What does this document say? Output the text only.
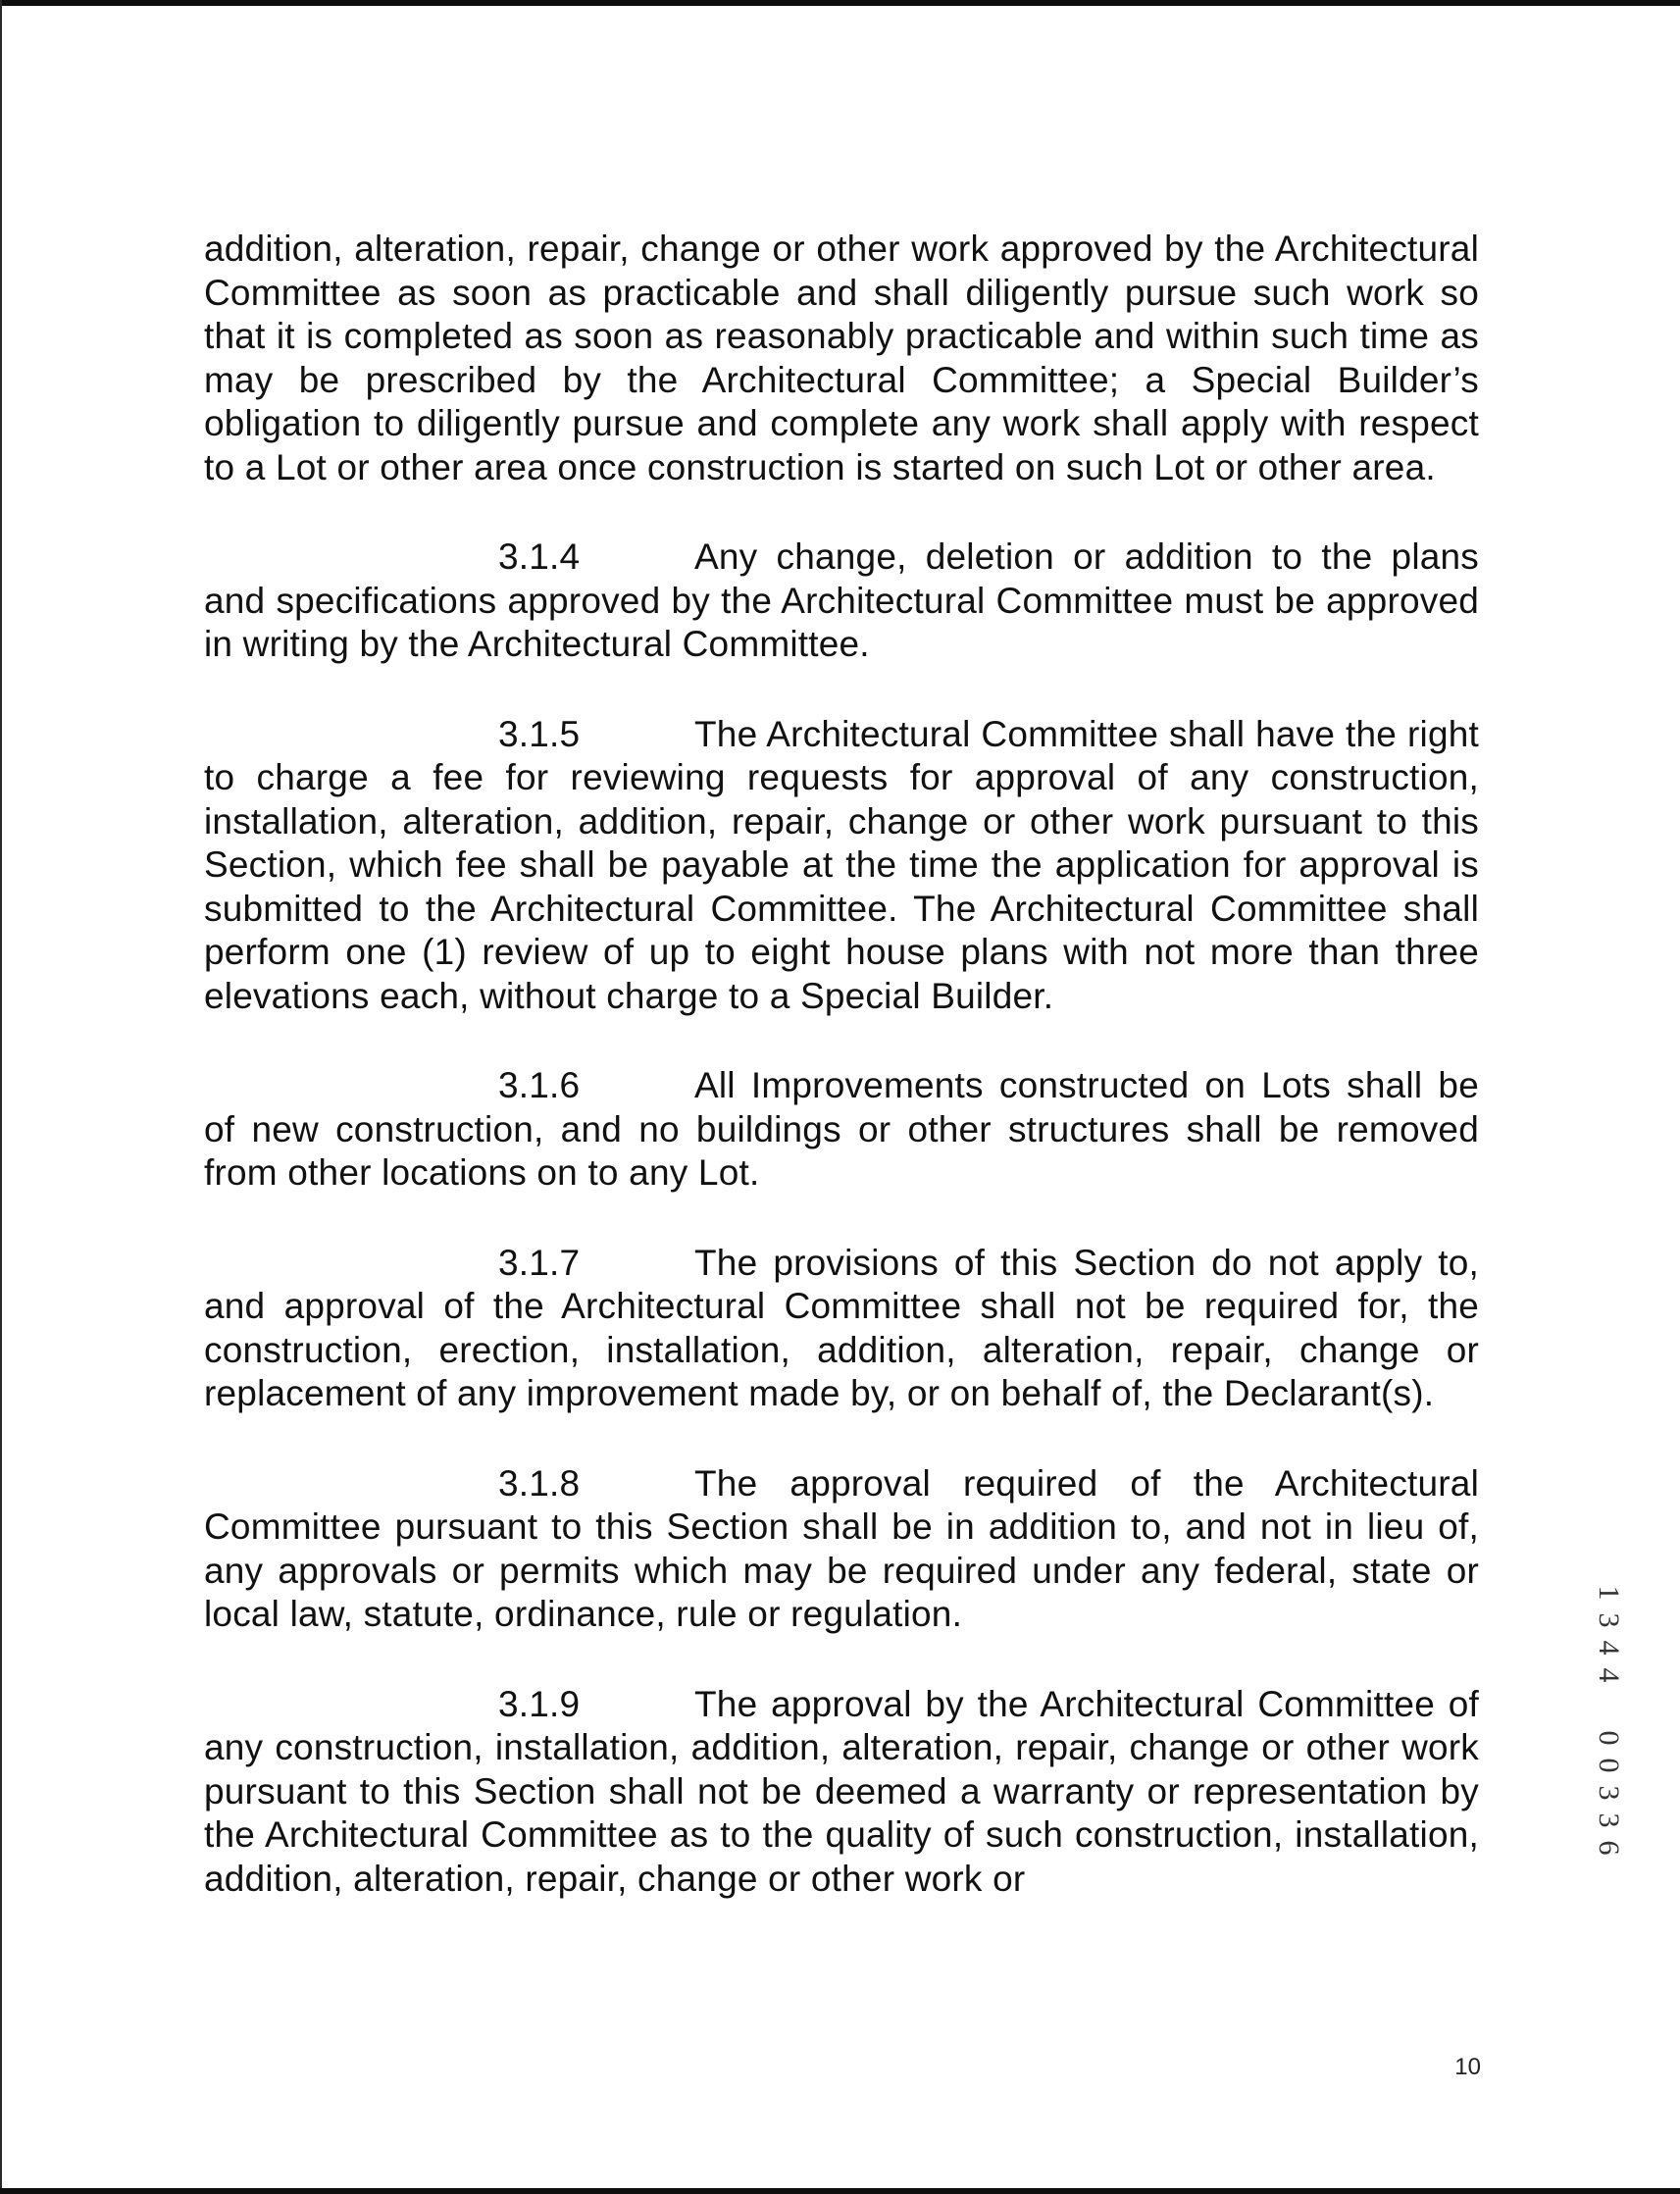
addition, alteration, repair, change or other work approved by the Architectural Committee as soon as practicable and shall diligently pursue such work so that it is completed as soon as reasonably practicable and within such time as may be prescribed by the Architectural Committee; a Special Builder’s obligation to diligently pursue and complete any work shall apply with respect to a Lot or other area once construction is started on such Lot or other area.

3.1.4	Any change, deletion or addition to the plans and specifications approved by the Architectural Committee must be approved in writing by the Architectural Committee.

3.1.5	The Architectural Committee shall have the right to charge a fee for reviewing requests for approval of any construction, installation, alteration, addition, repair, change or other work pursuant to this Section, which fee shall be payable at the time the application for approval is submitted to the Architectural Committee. The Architectural Committee shall perform one (1) review of up to eight house plans with not more than three elevations each, without charge to a Special Builder.

3.1.6	All Improvements constructed on Lots shall be of new construction, and no buildings or other structures shall be removed from other locations on to any Lot.

3.1.7	The provisions of this Section do not apply to, and approval of the Architectural Committee shall not be required for, the construction, erection, installation, addition, alteration, repair, change or replacement of any improvement made by, or on behalf of, the Declarant(s).

3.1.8	The approval required of the Architectural Committee pursuant to this Section shall be in addition to, and not in lieu of, any approvals or permits which may be required under any federal, state or local law, statute, ordinance, rule or regulation.

3.1.9	The approval by the Architectural Committee of any construction, installation, addition, alteration, repair, change or other work pursuant to this Section shall not be deemed a warranty or representation by the Architectural Committee as to the quality of such construction, installation, addition, alteration, repair, change or other work or

1
3
4
4
0
0
3
3
6
10
